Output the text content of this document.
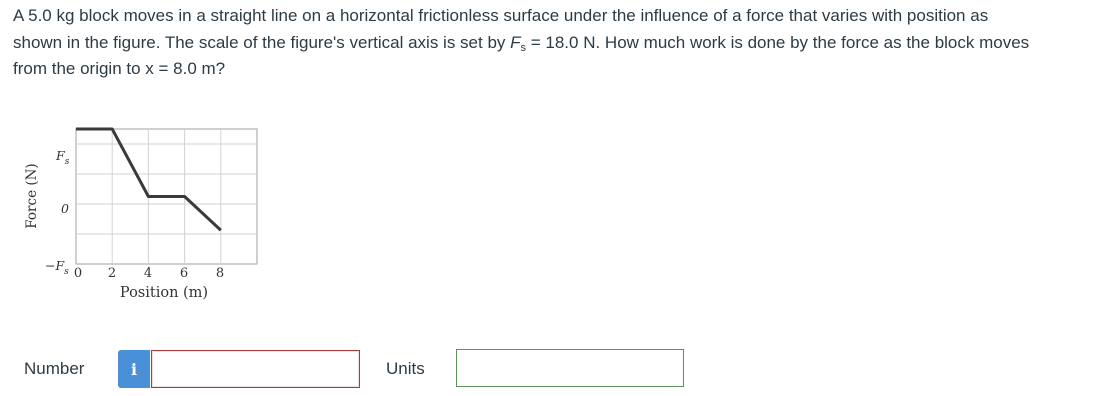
A 5.0 kg block moves in a straight line on a horizontal frictionless surface under the influence of a force that varies with position as
shown in the figure. The scale of the figure's vertical axis is set by $F_s = 18.0$ N. How much work is done by the force as the block moves
from the origin to x = 8.0 m?
Force (N)
$F_s$
0
$-F_s$ 0 2 4 6 8
Position (m)
Number	i	Units
